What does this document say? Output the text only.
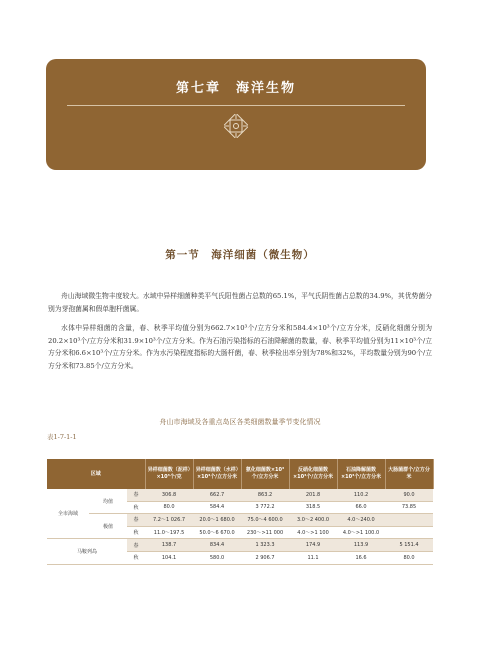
第七章　海洋生物
第一节　海洋细菌（微生物）

舟山海域微生物丰度较大。水域中异样细菌种类平气氏阳性菌占总数的65.1%，平气氏阴性菌占总数的34.9%，其优势菌分别为芽孢菌属和假单胞杆菌属。

水体中异样细菌的含量，春、秋季平均值分别为662.7×10³个/立方分米和584.4×10³个/立方分米，反硝化细菌分别为20.2×10³个/立方分米和31.9×10³个/立方分米。作为石油污染指标的石油降解菌的数量，春、秋季平均值分别为11×10³个/立方分米和6.6×10³个/立方分米。作为水污染程度指标的大肠杆菌，春、秋季检出率分别为78%和32%，平均数量分别为90个/立方分米和73.85个/立方分米。

舟山市海域及各重点岛区各类细菌数量季节变化情况
表1-7-1-1
区域			异样细菌数（泥样）×10³个/克	异样细菌数（水样）×10³个/立方分米	氨化细菌数×10³个/立方分米	反硝化细菌数×10³个/立方分米	石油降解菌数×10³个/立方分米	大肠菌群个/立方分米
全市海域	均值	春	306.8	662.7	863.2	201.8	110.2	90.0
		秋	80.0	584.4	3 772.2	318.5	66.0	73.85
	极值	春	7.2～1 026.7	20.0～1 680.0	75.0～4 600.0	3.0～2 400.0	4.0～240.0	
		秋	11.0～197.5	50.0～6 670.0	230～>11 000	4.0～>1 100	4.0～>1 100.0	
马鞍列岛		春	138.7	834.4	1 323.3	174.9	113.9	5 151.4
		秋	104.1	580.0	2 906.7	11.1	16.6	80.0
